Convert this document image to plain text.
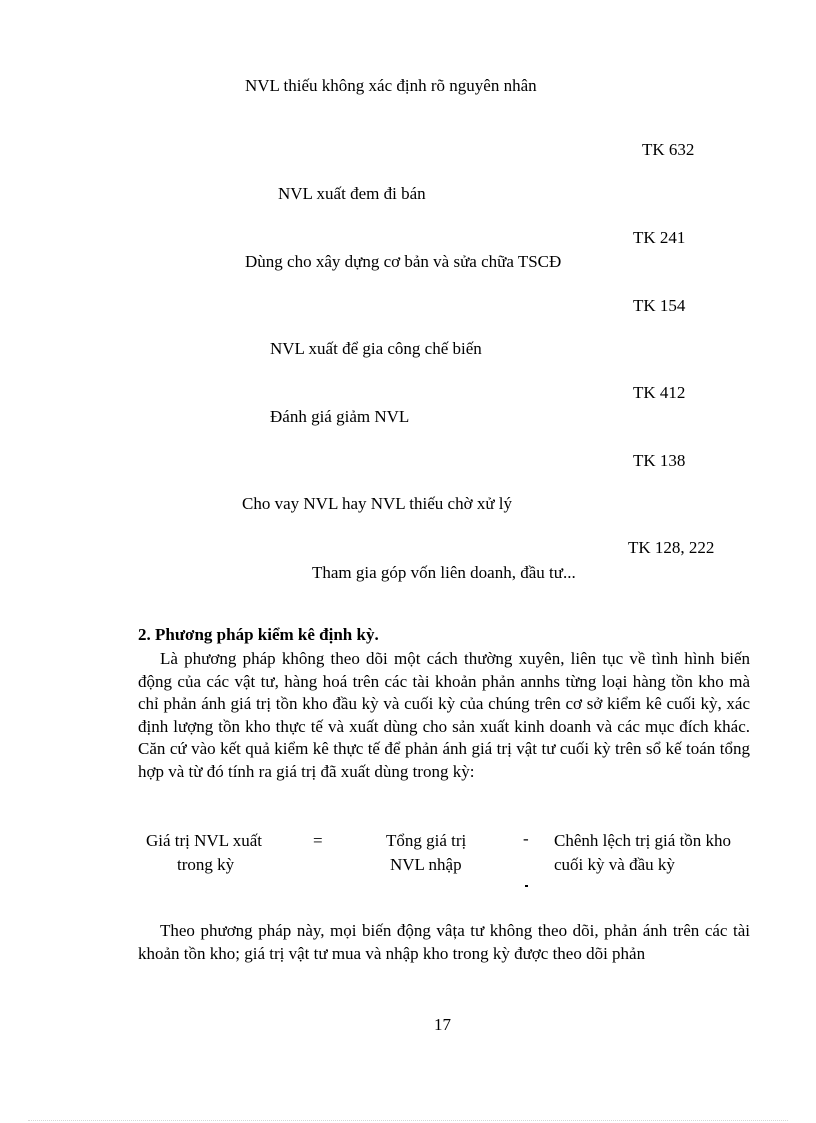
NVL thiếu không xác định rõ nguyên nhân
TK 632
NVL xuất đem đi bán
TK 241
Dùng cho xây dựng cơ bản và sửa chữa TSCĐ
TK 154
NVL xuất để gia công chế biến
TK 412
Đánh giá giảm NVL
TK 138
Cho vay NVL hay NVL thiếu chờ xử lý
TK 128, 222
Tham gia góp vốn liên doanh, đầu tư...
2. Phương pháp kiểm kê định kỳ.
Là phương pháp không theo dõi một cách thường xuyên, liên tục về tình hình biến động của các vật tư, hàng hoá trên các tài khoản phản annhs từng loại hàng tồn kho mà chỉ phản ánh giá trị tồn kho đầu kỳ và cuối kỳ của chúng trên cơ sở kiểm kê cuối kỳ, xác định lượng tồn kho thực tế và xuất dùng cho sản xuất kinh doanh và các mục đích khác. Căn cứ vào kết quả kiểm kê thực tế để phản ánh giá trị vật tư cuối kỳ trên sổ kế toán tổng hợp và từ đó tính ra giá trị đã xuất dùng trong kỳ:
Giá trị NVL xuất
trong kỳ
=	Tổng giá trị
NVL nhập
- Chênh lệch trị giá tồn kho
cuối kỳ và đầu kỳ
Theo phương pháp này, mọi biến động vâța tư không theo dõi, phản ánh trên các tài khoản tồn kho; giá trị vật tư mua và nhập kho trong kỳ được theo dõi phản
17
